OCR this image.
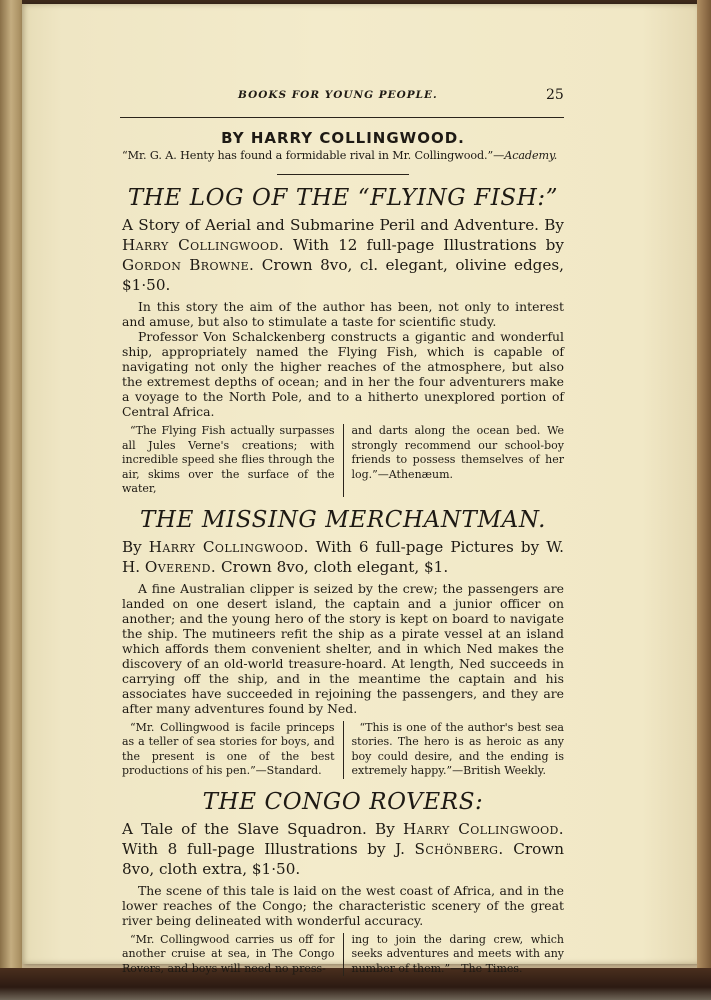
BOOKS FOR YOUNG PEOPLE.	25
BY HARRY COLLINGWOOD.
“Mr. G. A. Henty has found a formidable rival in Mr. Collingwood.”—Academy.
THE LOG OF THE “FLYING FISH:”
A Story of Aerial and Submarine Peril and Adventure. By Harry Collingwood. With 12 full-page Illustrations by Gordon Browne. Crown 8vo, cl. elegant, olivine edges, $1·50.

In this story the aim of the author has been, not only to interest and amuse, but also to stimulate a taste for scientific study.

Professor Von Schalckenberg constructs a gigantic and wonderful ship, appropriately named the Flying Fish, which is capable of navigating not only the higher reaches of the atmosphere, but also the extremest depths of ocean; and in her the four adventurers make a voyage to the North Pole, and to a hitherto unexplored portion of Central Africa.

“The Flying Fish actually surpasses all Jules Verne's creations; with incredible speed she flies through the air, skims over the surface of the water,
and darts along the ocean bed. We strongly recommend our school-boy friends to possess themselves of her log.”—Athenæum.
THE MISSING MERCHANTMAN.
By Harry Collingwood. With 6 full-page Pictures by W. H. Overend. Crown 8vo, cloth elegant, $1.

A fine Australian clipper is seized by the crew; the passengers are landed on one desert island, the captain and a junior officer on another; and the young hero of the story is kept on board to navigate the ship. The mutineers refit the ship as a pirate vessel at an island which affords them convenient shelter, and in which Ned makes the discovery of an old-world treasure-hoard. At length, Ned succeeds in carrying off the ship, and in the meantime the captain and his associates have succeeded in rejoining the passengers, and they are after many adventures found by Ned.

“Mr. Collingwood is facile princeps as a teller of sea stories for boys, and the present is one of the best productions of his pen.”—Standard.
“This is one of the author's best sea stories. The hero is as heroic as any boy could desire, and the ending is extremely happy.”—British Weekly.
THE CONGO ROVERS:
A Tale of the Slave Squadron. By Harry Collingwood. With 8 full-page Illustrations by J. Schönberg. Crown 8vo, cloth extra, $1·50.

The scene of this tale is laid on the west coast of Africa, and in the lower reaches of the Congo; the characteristic scenery of the great river being delineated with wonderful accuracy.

“Mr. Collingwood carries us off for another cruise at sea, in The Congo Rovers, and boys will need no press-
ing to join the daring crew, which seeks adventures and meets with any number of them.”—The Times.
